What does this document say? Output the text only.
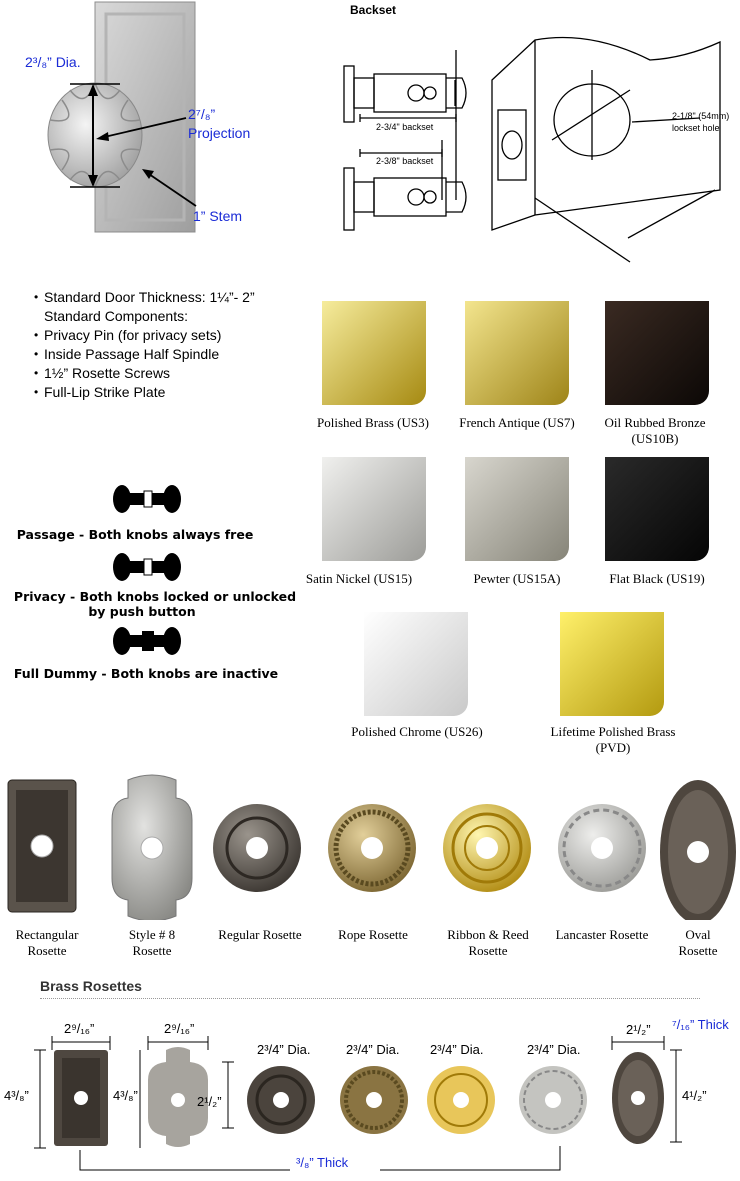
2³/₈” Dia.
2⁷/₈”
Projection
1” Stem
Backset
2-3/4" backset
2-3/8" backset
2-1/8" (54mm)
lockset hole
• Standard Door Thickness: 1¼”- 2”
Standard Components:
• Privacy Pin (for privacy sets)
• Inside Passage Half Spindle
• 1½” Rosette Screws
• Full-Lip Strike Plate
Passage - Both knobs always free
Privacy - Both knobs locked or unlocked
by push button
Full Dummy - Both knobs are inactive
Polished Brass (US3)	French Antique (US7)	Oil Rubbed Bronze
(US10B)
Satin Nickel (US15)	Pewter (US15A)	Flat Black (US19)
Polished Chrome (US26)	Lifetime Polished Brass
(PVD)
Rectangular
Rosette
Style # 8
Rosette
Regular Rosette	Rope Rosette	Ribbon & Reed
Rosette
Lancaster Rosette	Oval
Rosette
Brass Rosettes
2⁹/₁₆”
4³/₈”
2⁹/₁₆”
4³/₈”	2¹/₂”
2³/4” Dia.	2³/4” Dia. 2³/4” Dia.	2³/4” Dia.
2¹/₂”
4¹/₂”
⁷/₁₆” Thick
³/₈” Thick
